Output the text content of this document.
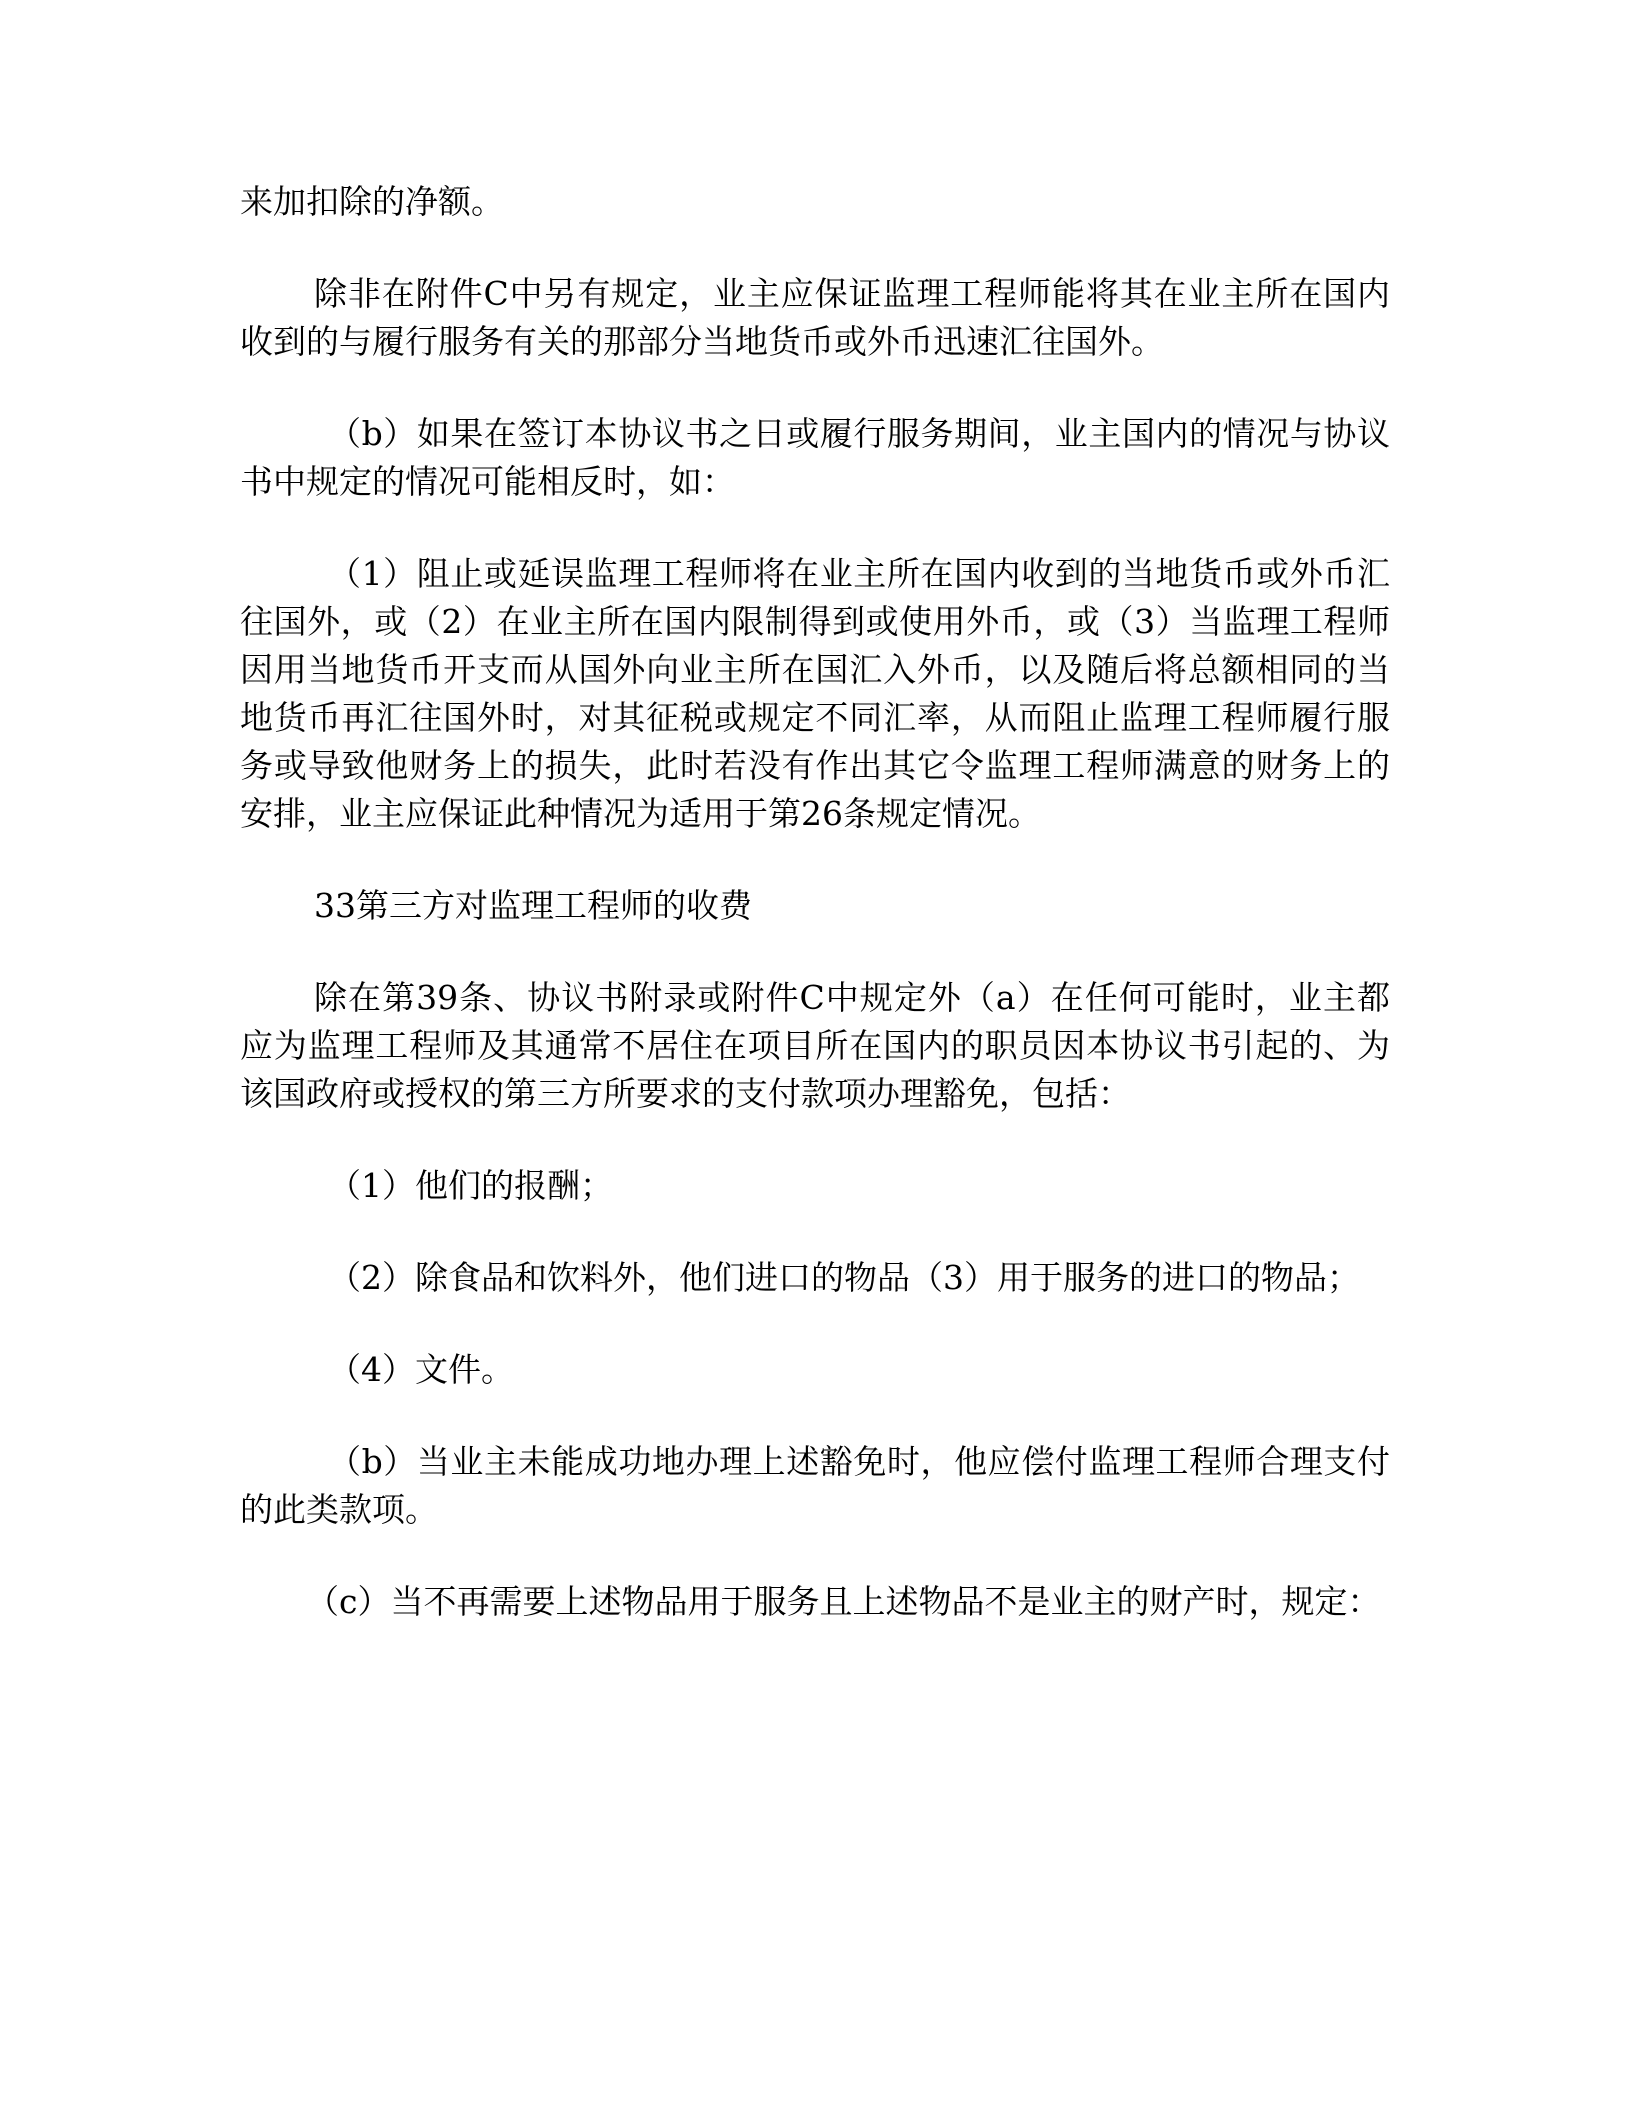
来加扣除的净额。

除非在附件C中另有规定，业主应保证监理工程师能将其在业主所在国内收到的与履行服务有关的那部分当地货币或外币迅速汇往国外。

（b）如果在签订本协议书之日或履行服务期间，业主国内的情况与协议书中规定的情况可能相反时，如：

（1）阻止或延误监理工程师将在业主所在国内收到的当地货币或外币汇往国外，或（2）在业主所在国内限制得到或使用外币，或（3）当监理工程师因用当地货币开支而从国外向业主所在国汇入外币，以及随后将总额相同的当地货币再汇往国外时，对其征税或规定不同汇率，从而阻止监理工程师履行服务或导致他财务上的损失，此时若没有作出其它令监理工程师满意的财务上的安排，业主应保证此种情况为适用于第26条规定情况。

33第三方对监理工程师的收费

除在第39条、协议书附录或附件C中规定外（a）在任何可能时，业主都应为监理工程师及其通常不居住在项目所在国内的职员因本协议书引起的、为该国政府或授权的第三方所要求的支付款项办理豁免，包括：

（1）他们的报酬；

（2）除食品和饮料外，他们进口的物品（3）用于服务的进口的物品；

（4）文件。

（b）当业主未能成功地办理上述豁免时，他应偿付监理工程师合理支付的此类款项。

（c）当不再需要上述物品用于服务且上述物品不是业主的财产时，规定：
